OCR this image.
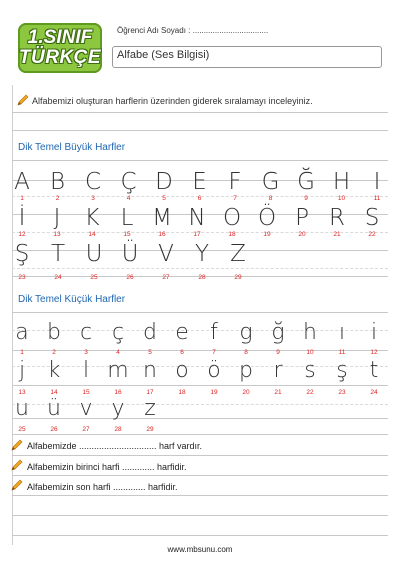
1.SINIF
TÜRKÇE
Öğrenci Adı Soyadı : ..................................
Alfabe (Ses Bilgisi)
Alfabemizi oluşturan harflerin üzerinden giderek sıralamayı inceleyiniz.
Dik Temel Büyük Harfler
Dik Temel Küçük Harfler
A
1
B
2
C
3
Ç
4
D
5
E
6
F
7
G
8
Ğ
9
H
10
I
11
İ
12
J
13
K
14
L
15
M
16
N
17
O
18
Ö
19
P
20
R
21
S
22
Ş
23
T
24
U
25
Ü
26
V
27
Y
28
Z
29
a
1
b
2
c
3
ç
4
d
5
e
6
f
7
g
8
ğ
9
h
10
ı
11
i
12
j
13
k
14
l
15
m
16
n
17
o
18
ö
19
p
20
r
21
s
22
ş
23
t
24
u
25
ü
26
v
27
y
28
z
29
Alfabemizde ............................... harf vardır.
Alfabemizin birinci harfi ............. harfidir.
Alfabemizin son harfi ............. harfidir.
www.mbsunu.com
